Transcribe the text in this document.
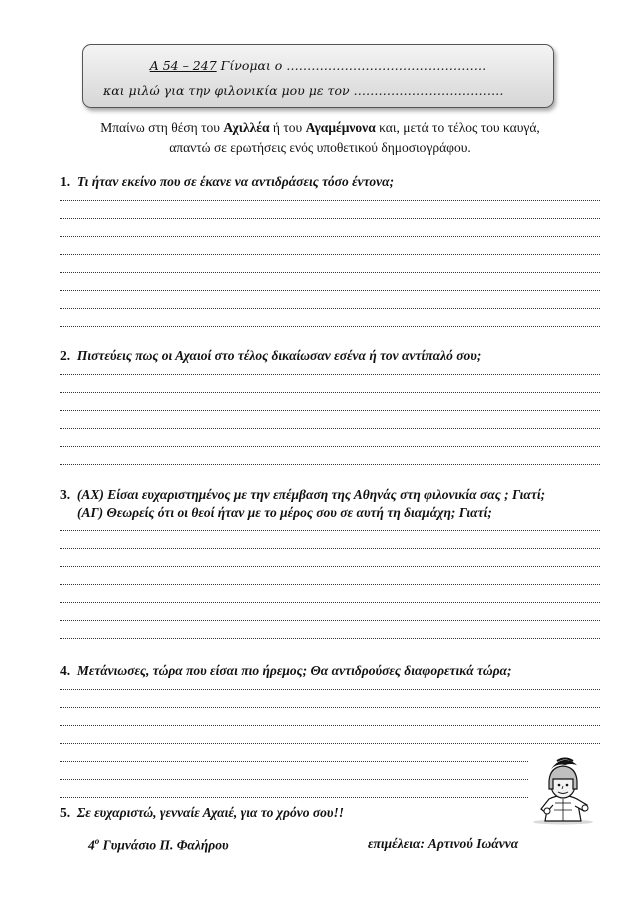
Α 54 – 247 Γίνομαι ο …………………………………………
και μιλώ για την φιλονικία μου με τον ………………………………
Μπαίνω στη θέση του Αχιλλέα ή του Αγαμέμνονα και, μετά το τέλος του καυγά,
απαντώ σε ερωτήσεις ενός υποθετικού δημοσιογράφου.
1. Τι ήταν εκείνο που σε έκανε να αντιδράσεις τόσο έντονα;
2. Πιστεύεις πως οι Αχαιοί στο τέλος δικαίωσαν εσένα ή τον αντίπαλό σου;
3. (ΑΧ) Είσαι ευχαριστημένος με την επέμβαση της Αθηνάς στη φιλονικία σας ; Γιατί;
(ΑΓ) Θεωρείς ότι οι θεοί ήταν με το μέρος σου σε αυτή τη διαμάχη; Γιατί;
4. Μετάνιωσες, τώρα που είσαι πιο ήρεμος; Θα αντιδρούσες διαφορετικά τώρα;
5. Σε ευχαριστώ, γενναίε Αχαιέ, για το χρόνο σου!!
$4^o$ Γυμνάσιο Π. Φαλήρου	επιμέλεια: Αρτινού Ιωάννα
